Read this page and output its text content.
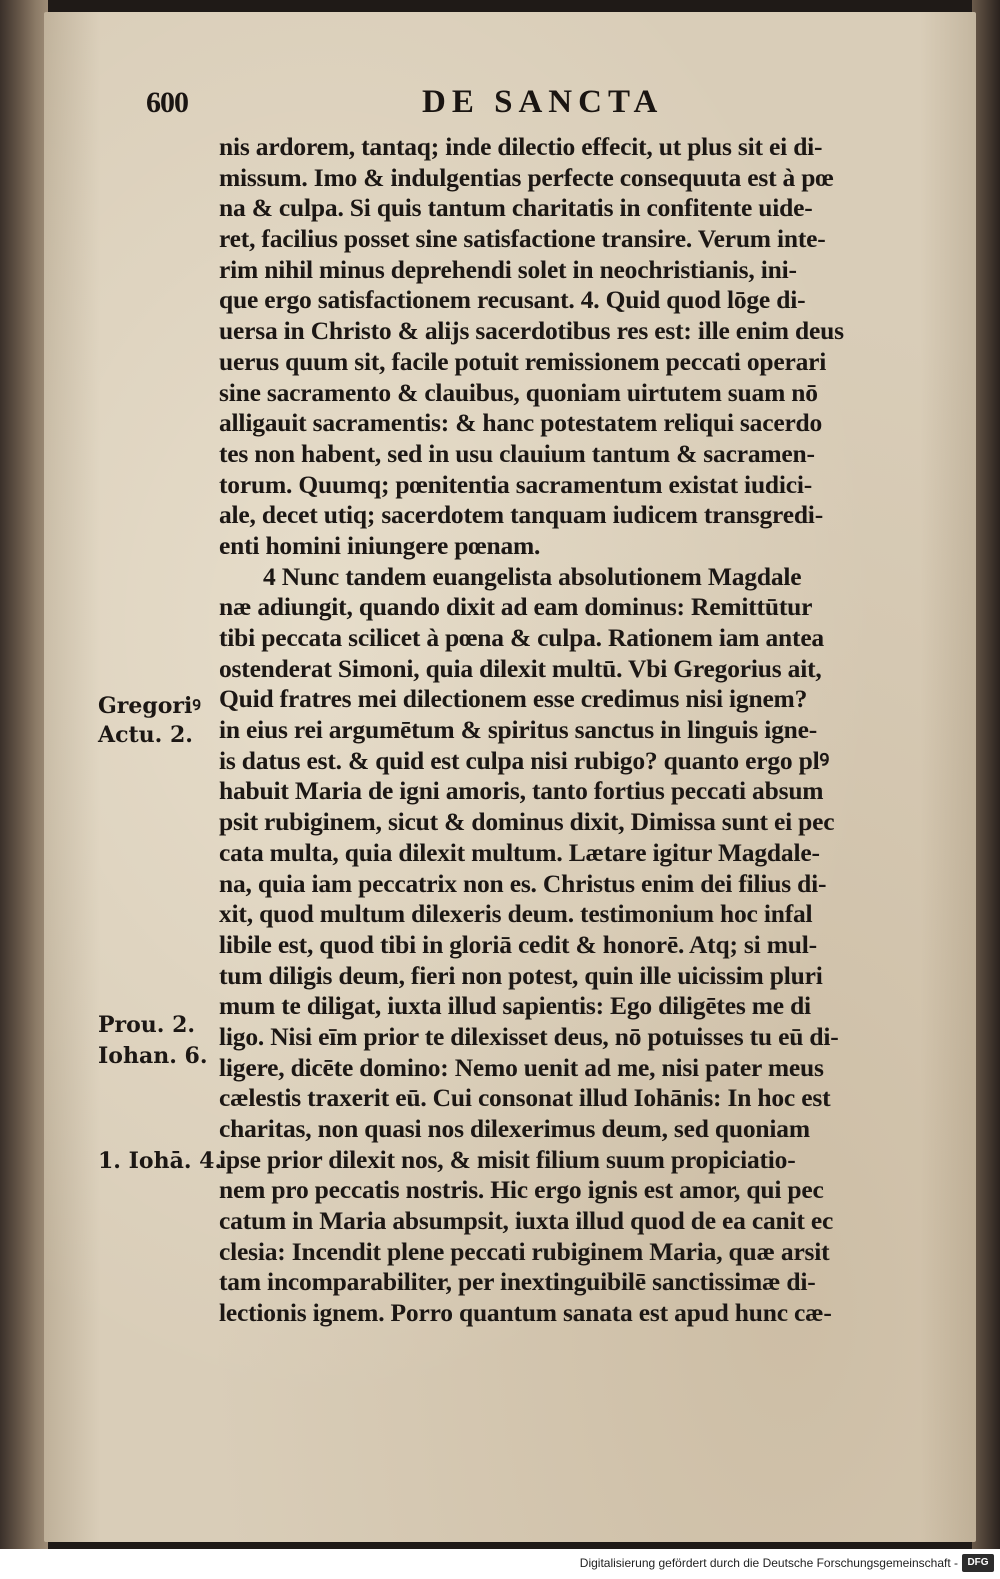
600	DE SANCTA
nis ardorem, tantaq; inde dilectio effecit, ut plus sit ei di-
missum. Imo & indulgentias perfecte consequuta est à pœ
na & culpa. Si quis tantum charitatis in confitente uide-
ret, facilius posset sine satisfactione transire. Verum inte-
rim nihil minus deprehendi solet in neochristianis, ini-
que ergo satisfactionem recusant. 4. Quid quod lōge di-
uersa in Christo & alijs sacerdotibus res est: ille enim deus
uerus quum sit, facile potuit remissionem peccati operari
sine sacramento & clauibus, quoniam uirtutem suam nō
alligauit sacramentis: & hanc potestatem reliqui sacerdo
tes non habent, sed in usu clauium tantum & sacramen-
torum. Quumq; pœnitentia sacramentum existat iudici-
ale, decet utiq; sacerdotem tanquam iudicem transgredi-
enti homini iniungere pœnam.
4 Nunc tandem euangelista absolutionem Magdale
næ adiungit, quando dixit ad eam dominus: Remittūtur
tibi peccata scilicet à pœna & culpa. Rationem iam antea
ostenderat Simoni, quia dilexit multū. Vbi Gregorius ait,
Quid fratres mei dilectionem esse credimus nisi ignem?
in eius rei argumētum & spiritus sanctus in linguis igne-
is datus est. & quid est culpa nisi rubigo? quanto ergo plꝰ
habuit Maria de igni amoris, tanto fortius peccati absum
psit rubiginem, sicut & dominus dixit, Dimissa sunt ei pec
cata multa, quia dilexit multum. Lætare igitur Magdale-
na, quia iam peccatrix non es. Christus enim dei filius di-
xit, quod multum dilexeris deum. testimonium hoc infal
libile est, quod tibi in gloriā cedit & honorē. Atq; si mul-
tum diligis deum, fieri non potest, quin ille uicissim pluri
mum te diligat, iuxta illud sapientis: Ego diligētes me di
ligo. Nisi eīm prior te dilexisset deus, nō potuisses tu eū di-
ligere, dicēte domino: Nemo uenit ad me, nisi pater meus
cælestis traxerit eū. Cui consonat illud Iohānis: In hoc est
charitas, non quasi nos dilexerimus deum, sed quoniam
ipse prior dilexit nos, & misit filium suum propiciatio-
nem pro peccatis nostris. Hic ergo ignis est amor, qui pec
catum in Maria absumpsit, iuxta illud quod de ea canit ec
clesia: Incendit plene peccati rubiginem Maria, quæ arsit
tam incomparabiliter, per inextinguibilē sanctissimæ di-
lectionis ignem. Porro quantum sanata est apud hunc cæ-
Gregoriꝰ
Actu. 2.
Prou. 2.
Iohan. 6.
1. Iohā. 4.
Digitalisierung gefördert durch die Deutsche Forschungsgemeinschaft - DFG
